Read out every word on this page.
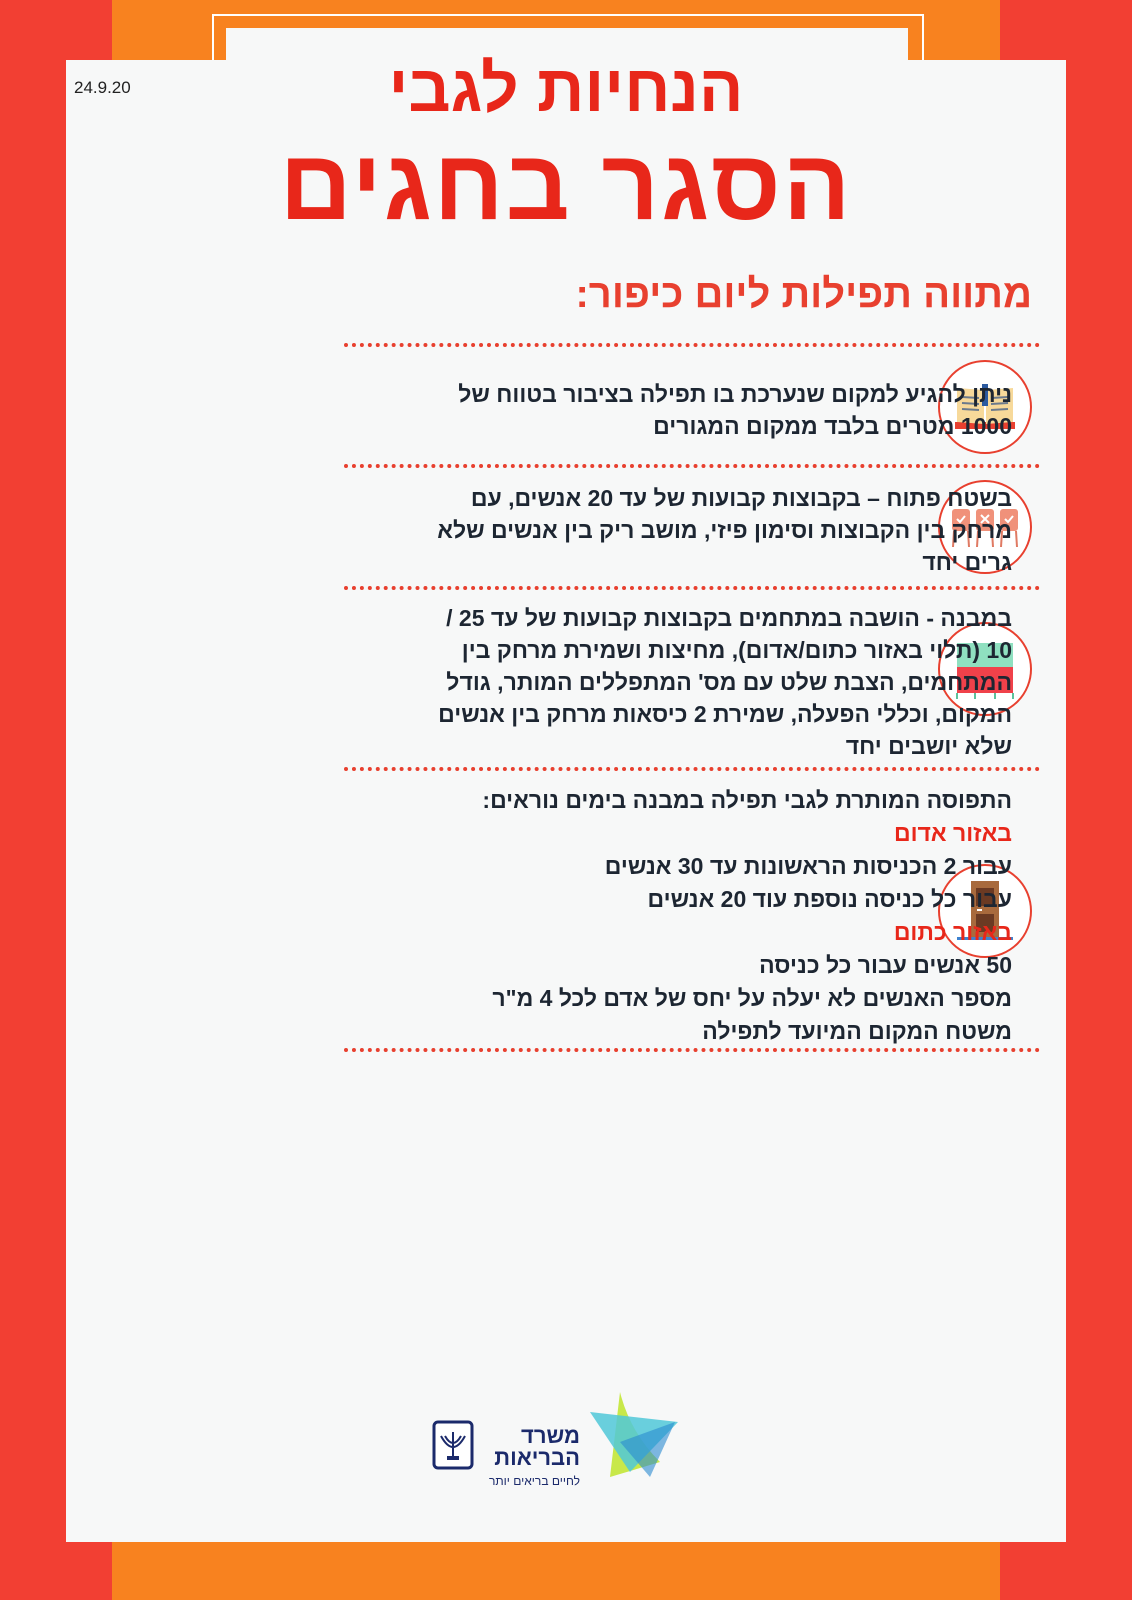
24.9.20	הנחיות לגבי
הסגר בחגים
מתווה תפילות ליום כיפור:
ניתן להגיע למקום שנערכת בו תפילה בציבור בטווח של
1000 מטרים בלבד ממקום המגורים
בשטח פתוח – בקבוצות קבועות של עד 20 אנשים, עם
מרחק בין הקבוצות וסימון פיזי, מושב ריק בין אנשים שלא
גרים יחד
במבנה - הושבה במתחמים בקבוצות קבועות של עד 25 /
10 (תלוי באזור כתום/אדום), מחיצות ושמירת מרחק בין
המתחמים, הצבת שלט עם מס' המתפללים המותר, גודל
המקום, וכללי הפעלה, שמירת 2 כיסאות מרחק בין אנשים
שלא יושבים יחד
התפוסה המותרת לגבי תפילה במבנה בימים נוראים:
באזור אדום
עבור 2 הכניסות הראשונות עד 30 אנשים
עבור כל כניסה נוספת עוד 20 אנשים
באזור כתום
50 אנשים עבור כל כניסה
מספר האנשים לא יעלה על יחס של אדם לכל 4 מ"ר
משטח המקום המיועד לתפילה
משרד
הבריאות
לחיים בריאים יותר
